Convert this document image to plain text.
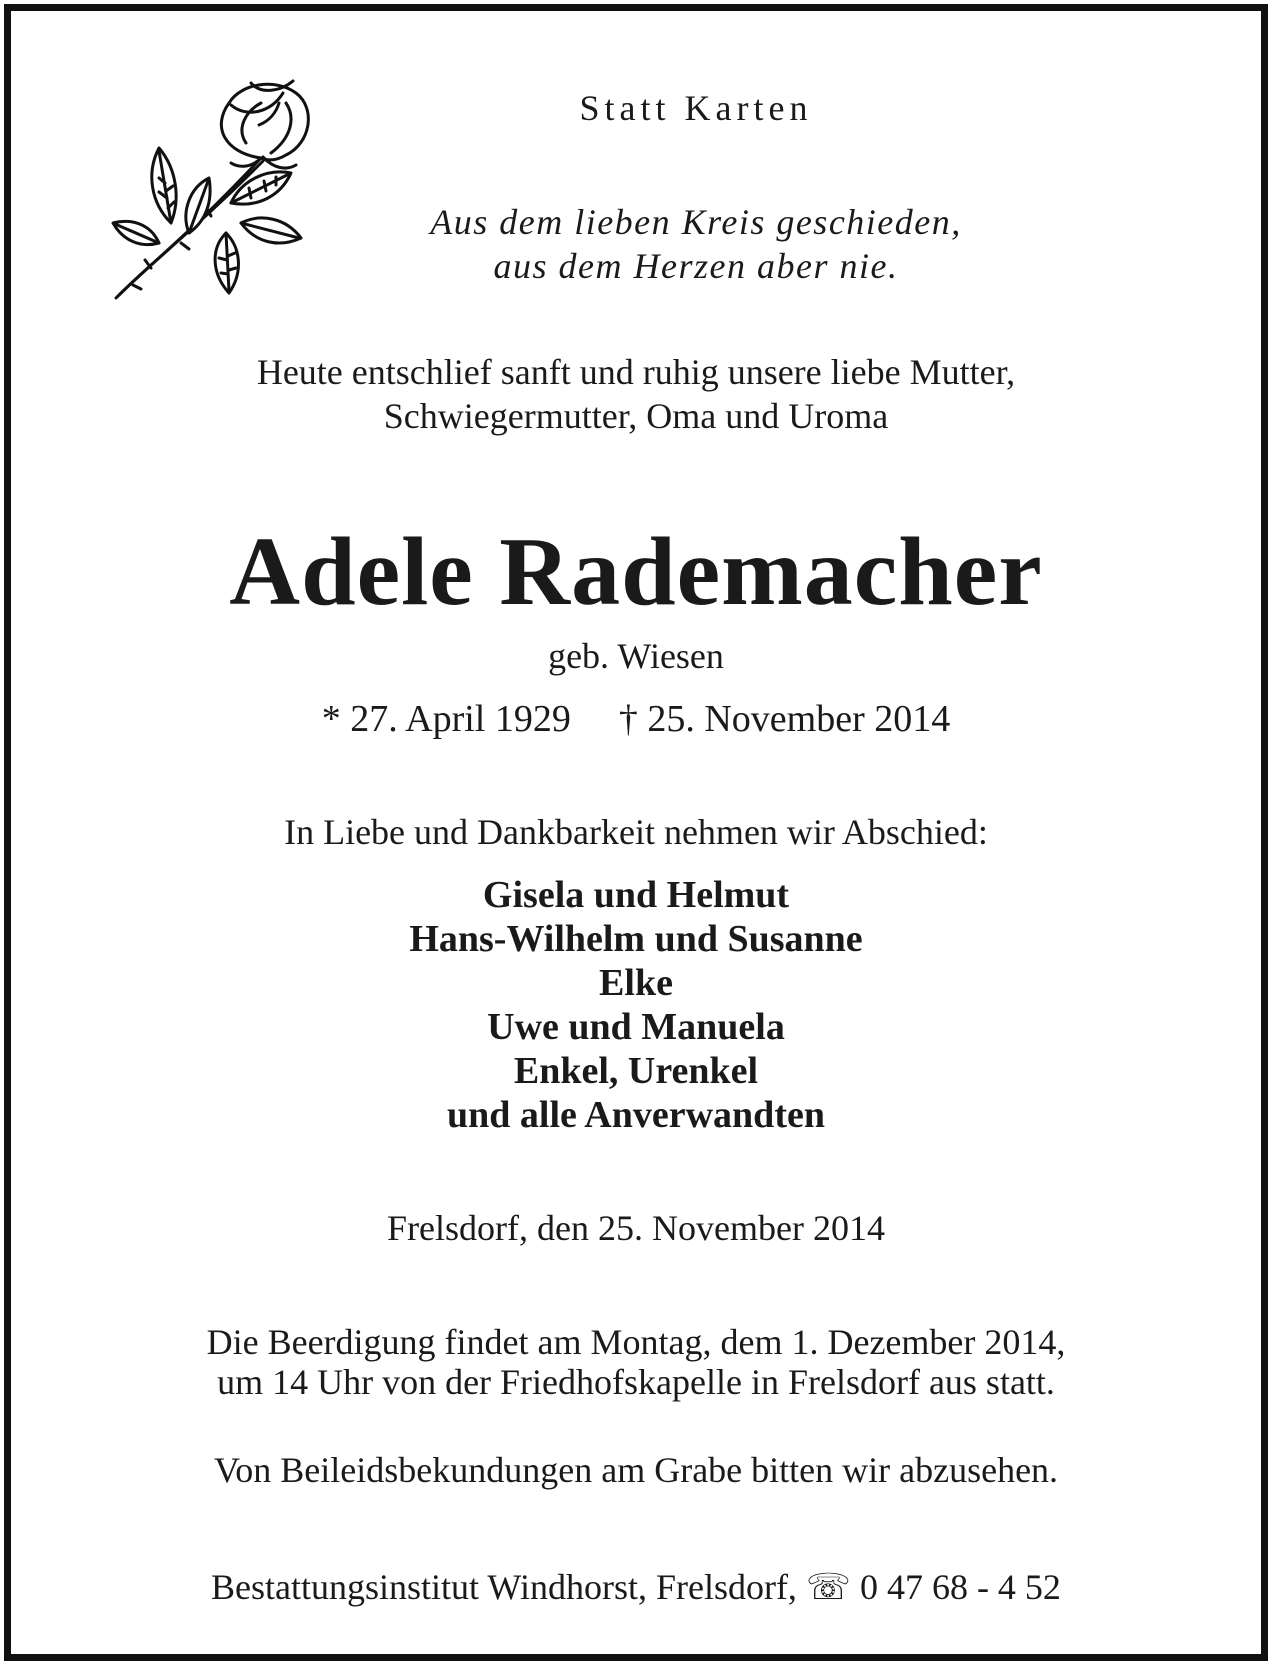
Statt Karten
Aus dem lieben Kreis geschieden,
aus dem Herzen aber nie.
Heute entschlief sanft und ruhig unsere liebe Mutter,
Schwiegermutter, Oma und Uroma
Adele Rademacher
geb. Wiesen
* 27. April 1929 † 25. November 2014
In Liebe und Dankbarkeit nehmen wir Abschied:
Gisela und Helmut
Hans-Wilhelm und Susanne
Elke
Uwe und Manuela
Enkel, Urenkel
und alle Anverwandten
Frelsdorf, den 25. November 2014
Die Beerdigung findet am Montag, dem 1. Dezember 2014,
um 14 Uhr von der Friedhofskapelle in Frelsdorf aus statt.
Von Beileidsbekundungen am Grabe bitten wir abzusehen.
Bestattungsinstitut Windhorst, Frelsdorf, ☏ 0 47 68 - 4 52
